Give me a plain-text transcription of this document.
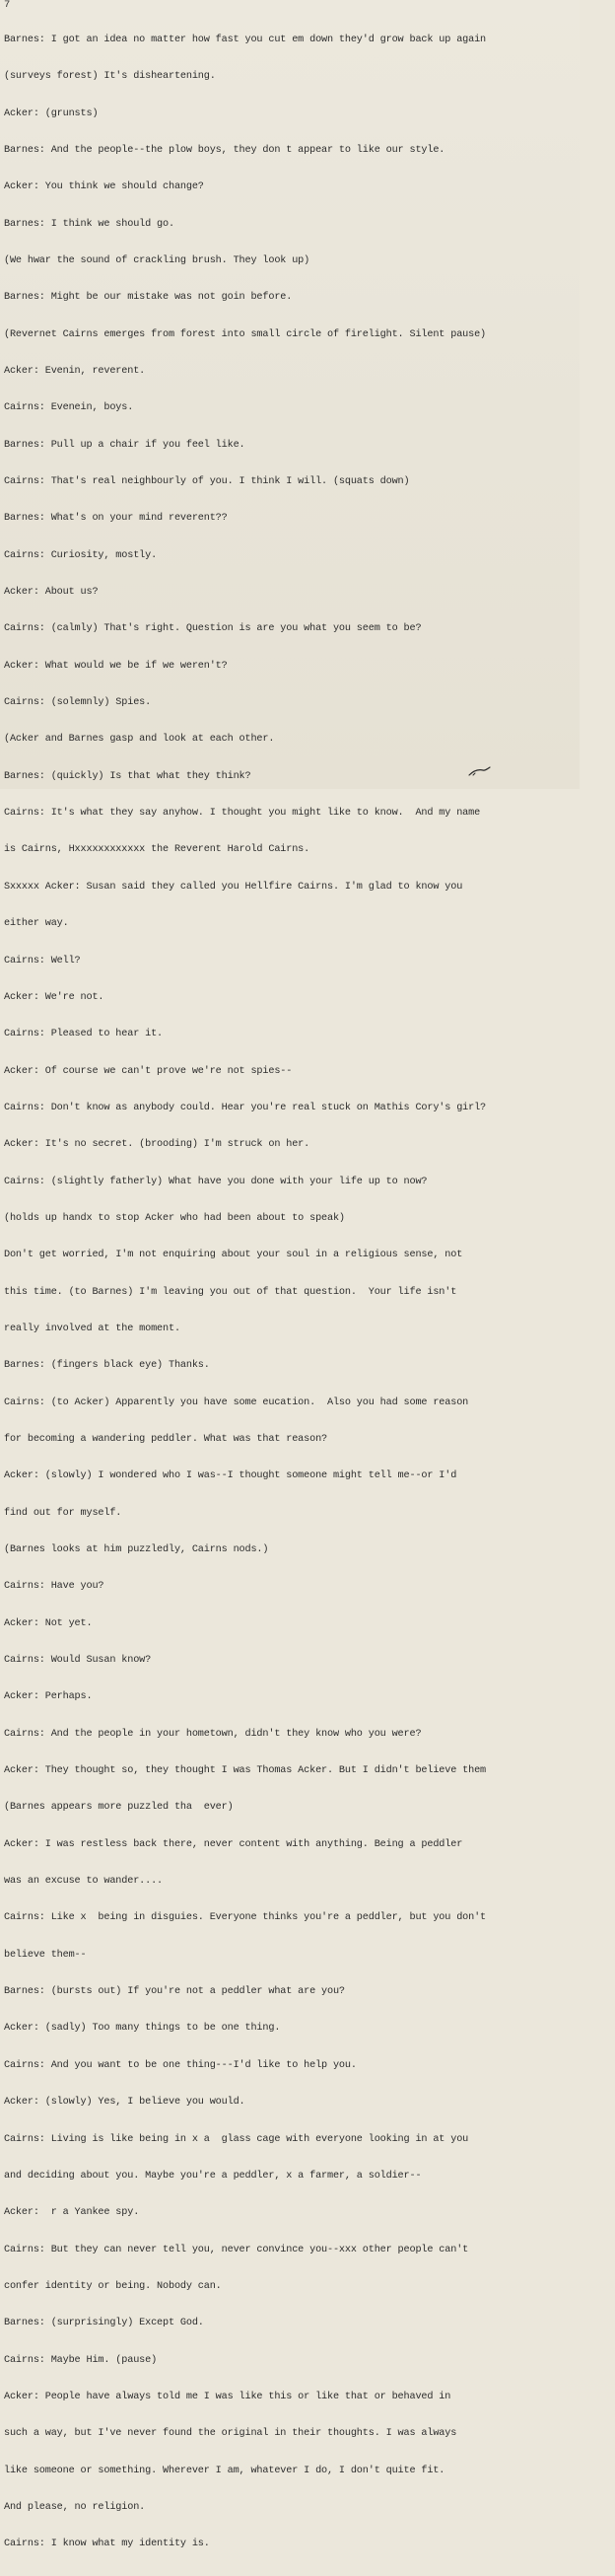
7

Barnes: I got an idea no matter how fast you cut em down they'd grow back up again

(surveys forest) It's disheartening.

Acker: (grunsts)

Barnes: And the people--the plow boys, they don t appear to like our style.

Acker: You think we should change?

Barnes: I think we should go.

(We hwar the sound of crackling brush. They look up)

Barnes: Might be our mistake was not goin before.

(Revernet Cairns emerges from forest into small circle of firelight. Silent pause)

Acker: Evenin, reverent.

Cairns: Evenein, boys.

Barnes: Pull up a chair if you feel like.

Cairns: That's real neighbourly of you. I think I will. (squats down)

Barnes: What's on your mind reverent??

Cairns: Curiosity, mostly.

Acker: About us?

Cairns: (calmly) That's right. Question is are you what you seem to be?

Acker: What would we be if we weren't?

Cairns: (solemnly) Spies.

(Acker and Barnes gasp and look at each other.

Barnes: (quickly) Is that what they think?

Cairns: It's what they say anyhow. I thought you might like to know.  And my name

is Cairns, Hxxxxxxxxxxxx the Reverent Harold Cairns.

Sxxxxx Acker: Susan said they called you Hellfire Cairns. I'm glad to know you

either way.

Cairns: Well?

Acker: We're not.

Cairns: Pleased to hear it.

Acker: Of course we can't prove we're not spies--

Cairns: Don't know as anybody could. Hear you're real stuck on Mathis Cory's girl?

Acker: It's no secret. (brooding) I'm struck on her.

Cairns: (slightly fatherly) What have you done with your life up to now?

(holds up handx to stop Acker who had been about to speak)

Don't get worried, I'm not enquiring about your soul in a religious sense, not

this time. (to Barnes) I'm leaving you out of that question.  Your life isn't

really involved at the moment.

Barnes: (fingers black eye) Thanks.

Cairns: (to Acker) Apparently you have some eucation.  Also you had some reason

for becoming a wandering peddler. What was that reason?

Acker: (slowly) I wondered who I was--I thought someone might tell me--or I'd

find out for myself.

(Barnes looks at him puzzledly, Cairns nods.)

Cairns: Have you?

Acker: Not yet.

Cairns: Would Susan know?

Acker: Perhaps.

Cairns: And the people in your hometown, didn't they know who you were?

Acker: They thought so, they thought I was Thomas Acker. But I didn't believe them

(Barnes appears more puzzled tha  ever)

Acker: I was restless back there, never content with anything. Being a peddler

was an excuse to wander....

Cairns: Like x  being in disguies. Everyone thinks you're a peddler, but you don't

believe them--

Barnes: (bursts out) If you're not a peddler what are you?

Acker: (sadly) Too many things to be one thing.

Cairns: And you want to be one thing---I'd like to help you.

Acker: (slowly) Yes, I believe you would.

Cairns: Living is like being in x a  glass cage with everyone looking in at you

and deciding about you. Maybe you're a peddler, x a farmer, a soldier--

Acker:  r a Yankee spy.

Cairns: But they can never tell you, never convince you--xxx other people can't

confer identity or being. Nobody can.

Barnes: (surprisingly) Except God.

Cairns: Maybe Him. (pause)

Acker: People have always told me I was like this or like that or behaved in

such a way, but I've never found the original in their thoughts. I was always

like someone or something. Wherever I am, whatever I do, I don't quite fit.

And please, no religion.

Cairns: I know what my identity is.
